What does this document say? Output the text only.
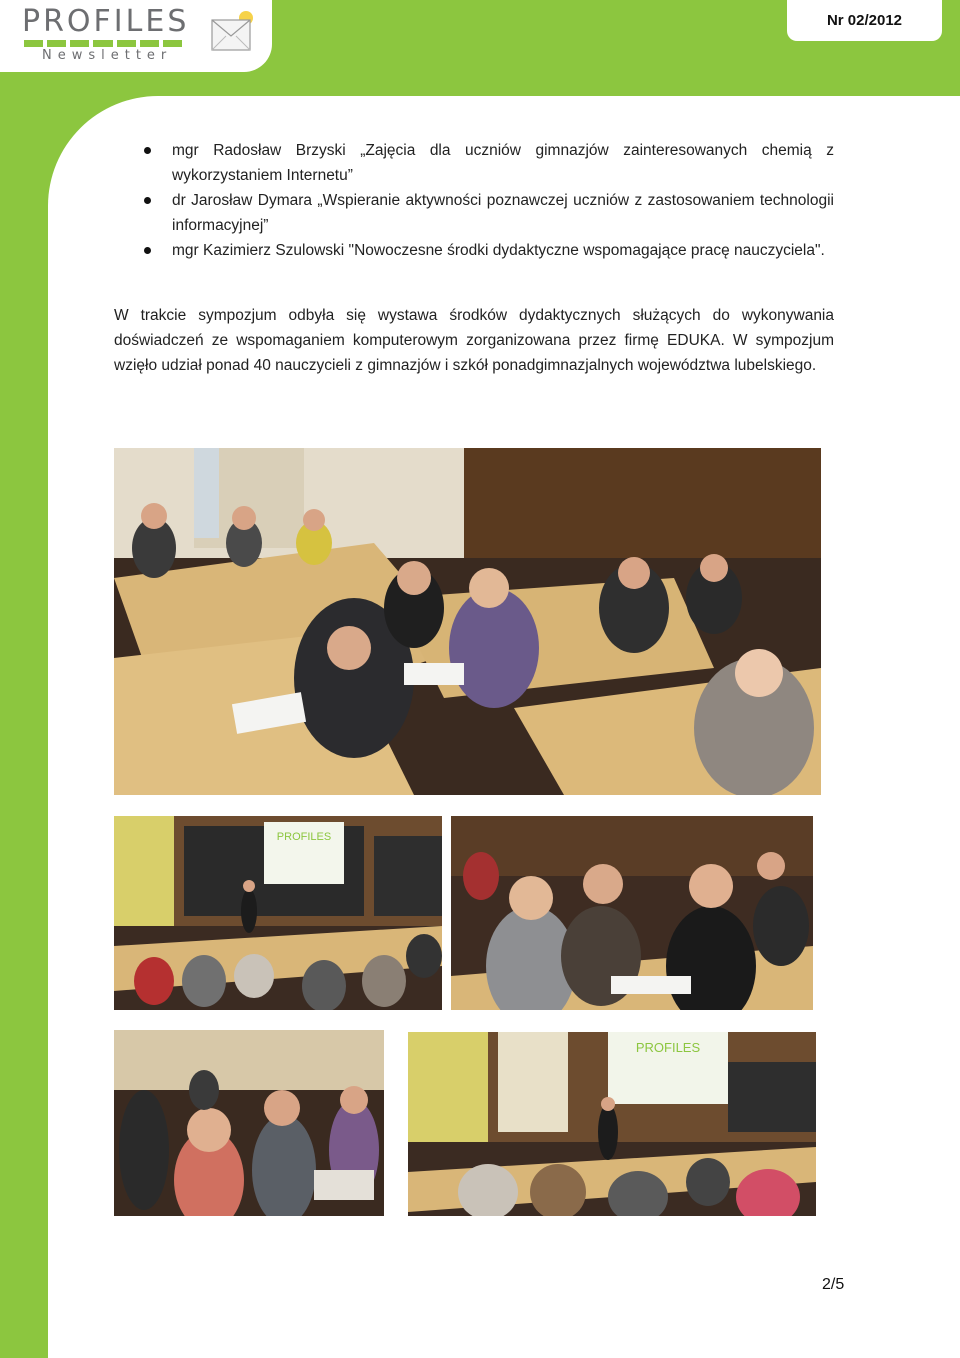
PROFILES
Newsletter
Nr 02/2012
mgr Radosław Brzyski „Zajęcia dla uczniów gimnazjów zainteresowanych chemią z wykorzystaniem Internetu”
dr Jarosław Dymara „Wspieranie aktywności poznawczej uczniów z zastosowaniem technologii informacyjnej”
mgr Kazimierz Szulowski "Nowoczesne środki dydaktyczne wspomagające pracę nauczyciela".

W trakcie sympozjum odbyła się wystawa środków dydaktycznych służących do wykonywania doświadczeń ze wspomaganiem komputerowym zorganizowana przez firmę EDUKA. W sympozjum wzięło udział ponad 40 nauczycieli z gimnazjów i szkół ponadgimnazjalnych województwa lubelskiego.

PROFILES
PROFILES
2/5
